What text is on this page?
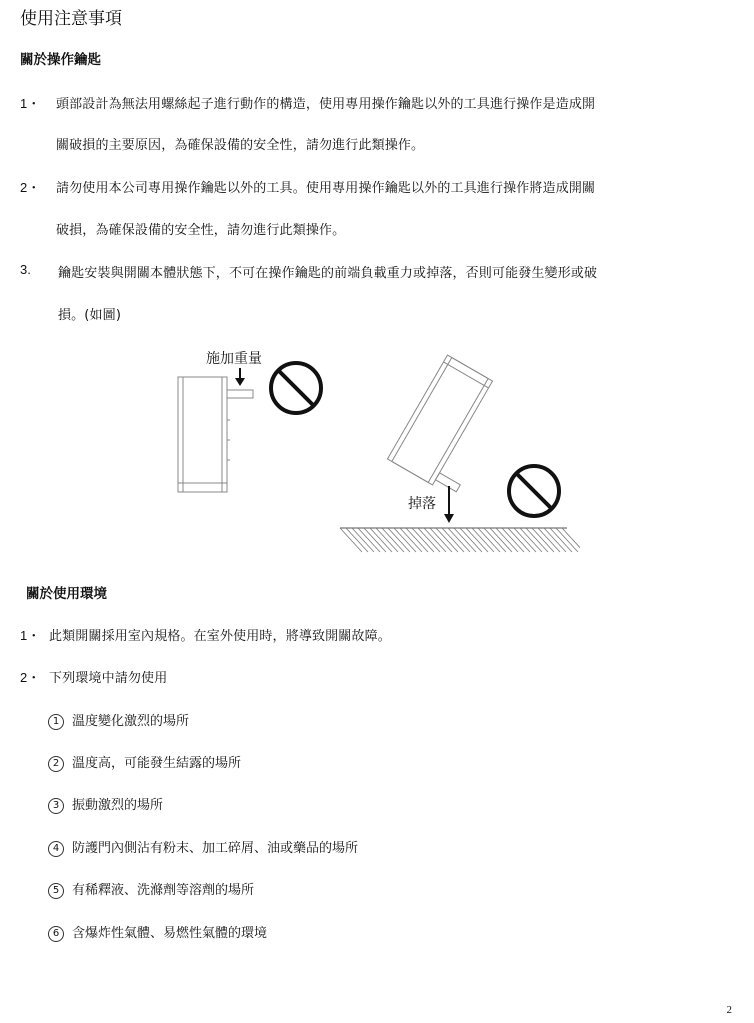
使用注意事項
關於操作鑰匙
1・ 頭部設計為無法用螺絲起子進行動作的構造，使用專用操作鑰匙以外的工具進行操作是造成開
關破損的主要原因，為確保設備的安全性，請勿進行此類操作。
2・ 請勿使用本公司專用操作鑰匙以外的工具。使用專用操作鑰匙以外的工具進行操作將造成開關
破損，為確保設備的安全性，請勿進行此類操作。
3. 鑰匙安裝與開關本體狀態下，不可在操作鑰匙的前端負載重力或掉落，否則可能發生變形或破
損。(如圖)
施加重量
掉落
關於使用環境
1・ 此類開關採用室內規格。在室外使用時，將導致開關故障。
2・ 下列環境中請勿使用
1 溫度變化激烈的場所
2 溫度高，可能發生結露的場所
3 振動激烈的場所
4 防護門內側沾有粉末、加工碎屑、油或藥品的場所
5 有稀釋液、洗滌劑等溶劑的場所
6 含爆炸性氣體、易燃性氣體的環境
2
